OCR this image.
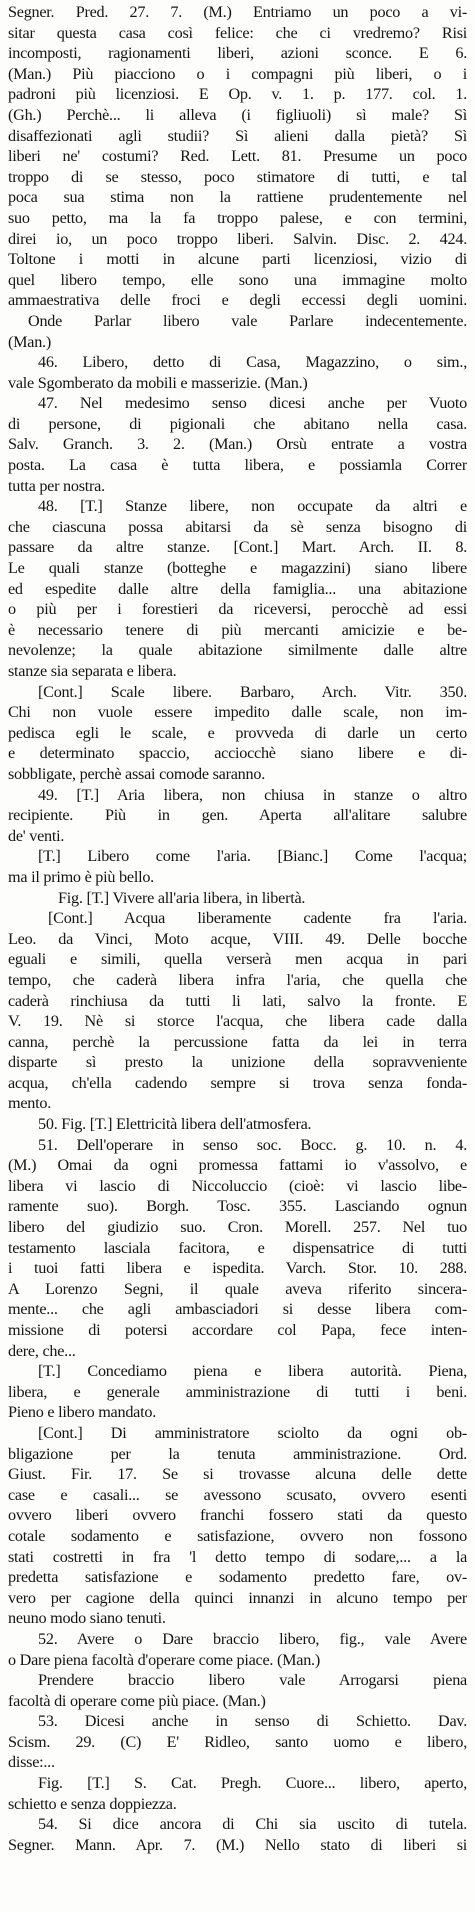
Segner. Pred. 27. 7. (M.) Entriamo un poco a vi-
sitar questa casa così felice: che ci vredremo? Risi
incomposti, ragionamenti liberi, azioni sconce. E 6.
(Man.) Più piacciono o i compagni più liberi, o i
padroni più licenziosi. E Op. v. 1. p. 177. col. 1.
(Gh.) Perchè... li alleva (i figliuoli) sì male? Sì
disaffezionati agli studii? Sì alieni dalla pietà? Sì
liberi ne' costumi? Red. Lett. 81. Presume un poco
troppo di se stesso, poco stimatore di tutti, e tal
poca sua stima non la rattiene prudentemente nel
suo petto, ma la fa troppo palese, e con termini,
direi io, un poco troppo liberi. Salvin. Disc. 2. 424.
Toltone i motti in alcune parti licenziosi, vizio di
quel libero tempo, elle sono una immagine molto
ammaestrativa delle froci e degli eccessi degli uomini.
Onde Parlar libero vale Parlare indecentemente.
(Man.)
46. Libero, detto di Casa, Magazzino, o sim.,
vale Sgomberato da mobili e masserizie. (Man.)
47. Nel medesimo senso dicesi anche per Vuoto
di persone, di pigionali che abitano nella casa.
Salv. Granch. 3. 2. (Man.) Orsù entrate a vostra
posta. La casa è tutta libera, e possiamla Correr
tutta per nostra.
48. [T.] Stanze libere, non occupate da altri e
che ciascuna possa abitarsi da sè senza bisogno di
passare da altre stanze. [Cont.] Mart. Arch. II. 8.
Le quali stanze (botteghe e magazzini) siano libere
ed espedite dalle altre della famiglia... una abitazione
o più per i forestieri da riceversi, perocchè ad essi
è necessario tenere di più mercanti amicizie e be-
nevolenze; la quale abitazione similmente dalle altre
stanze sia separata e libera.
[Cont.] Scale libere. Barbaro, Arch. Vitr. 350.
Chi non vuole essere impedito dalle scale, non im-
pedisca egli le scale, e provveda di darle un certo
e determinato spaccio, acciocchè siano libere e di-
sobbligate, perchè assai comode saranno.
49. [T.] Aria libera, non chiusa in stanze o altro
recipiente. Più in gen. Aperta all'alitare salubre
de' venti.
[T.] Libero come l'aria. [Bianc.] Come l'acqua;
ma il primo è più bello.
Fig. [T.] Vivere all'aria libera, in libertà.
[Cont.] Acqua liberamente cadente fra l'aria.
Leo. da Vinci, Moto acque, VIII. 49. Delle bocche
eguali e simili, quella verserà men acqua in pari
tempo, che caderà libera infra l'aria, che quella che
caderà rinchiusa da tutti li lati, salvo la fronte. E
V. 19. Nè si storce l'acqua, che libera cade dalla
canna, perchè la percussione fatta da lei in terra
disparte sì presto la unizione della sopravveniente
acqua, ch'ella cadendo sempre si trova senza fonda-
mento.
50. Fig. [T.] Elettricità libera dell'atmosfera.
51. Dell'operare in senso soc. Bocc. g. 10. n. 4.
(M.) Omai da ogni promessa fattami io v'assolvo, e
libera vi lascio di Niccoluccio (cioè: vi lascio libe-
ramente suo). Borgh. Tosc. 355. Lasciando ognun
libero del giudizio suo. Cron. Morell. 257. Nel tuo
testamento lasciala facitora, e dispensatrice di tutti
i tuoi fatti libera e ispedita. Varch. Stor. 10. 288.
A Lorenzo Segni, il quale aveva riferito sincera-
mente... che agli ambasciadori si desse libera com-
missione di potersi accordare col Papa, fece inten-
dere, che...
[T.] Concediamo piena e libera autorità. Piena,
libera, e generale amministrazione di tutti i beni.
Pieno e libero mandato.
[Cont.] Di amministratore sciolto da ogni ob-
bligazione per la tenuta amministrazione. Ord.
Giust. Fir. 17. Se si trovasse alcuna delle dette
case e casali... se avessono scusato, ovvero esenti
ovvero liberi ovvero franchi fossero stati da questo
cotale sodamento e satisfazione, ovvero non fossono
stati costretti in fra 'l detto tempo di sodare,... a la
predetta satisfazione e sodamento predetto fare, ov-
vero per cagione della quinci innanzi in alcuno tempo per
neuno modo siano tenuti.
52. Avere o Dare braccio libero, fig., vale Avere
o Dare piena facoltà d'operare come piace. (Man.)
Prendere braccio libero vale Arrogarsi piena
facoltà di operare come più piace. (Man.)
53. Dicesi anche in senso di Schietto. Dav.
Scism. 29. (C) E' Ridleo, santo uomo e libero,
disse:...
Fig. [T.] S. Cat. Pregh. Cuore... libero, aperto,
schietto e senza doppiezza.
54. Si dice ancora di Chi sia uscito di tutela.
Segner. Mann. Apr. 7. (M.) Nello stato di liberi si
